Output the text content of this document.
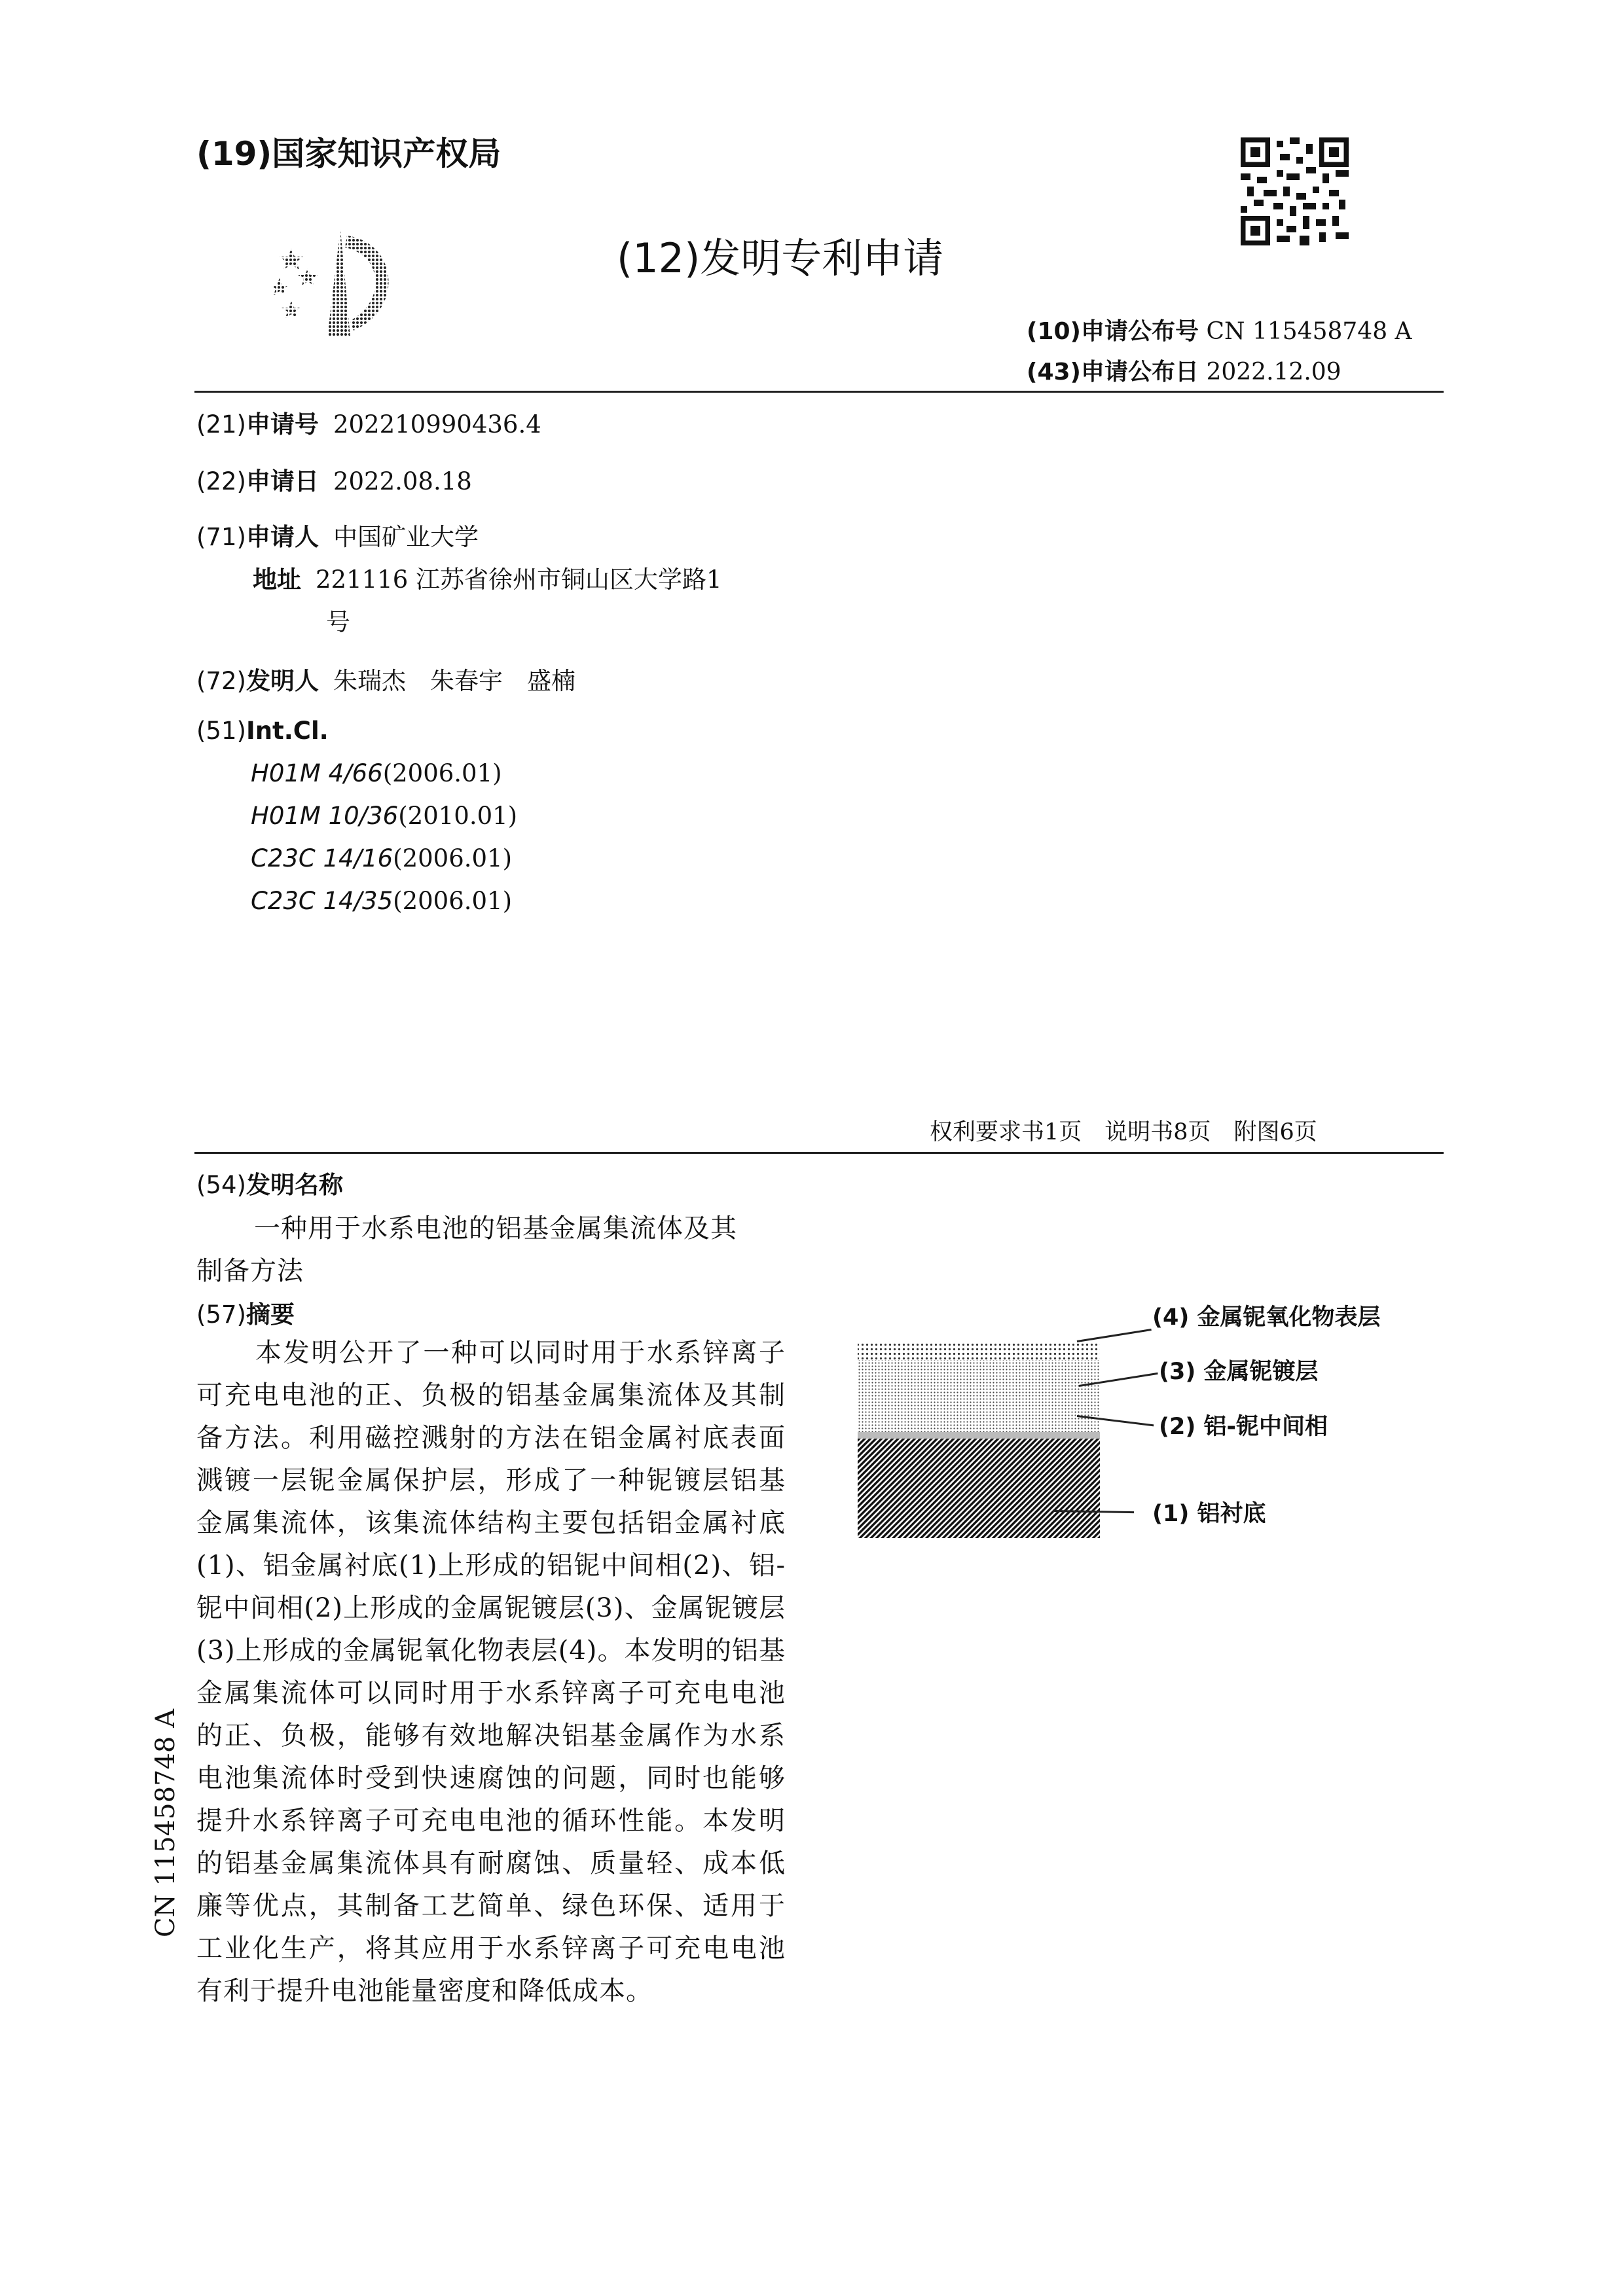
(19)国家知识产权局
(12)发明专利申请
(10)申请公布号 CN 115458748 A
(43)申请公布日 2022.12.09
(21)申请号 202210990436.4
(22)申请日 2022.08.18
(71)申请人 中国矿业大学
地址 221116 江苏省徐州市铜山区大学路1
号
(72)发明人 朱瑞杰　朱春宇　盛楠
(51)Int.Cl.
H01M 4/66(2006.01)
H01M 10/36(2010.01)
C23C 14/16(2006.01)
C23C 14/35(2006.01)
权利要求书1页　说明书8页　附图6页
(54)发明名称
一种用于水系电池的铝基金属集流体及其
制备方法
(57)摘要
本发明公开了一种可以同时用于水系锌离子可充电电池的正、负极的铝基金属集流体及其制备方法。利用磁控溅射的方法在铝金属衬底表面溅镀一层铌金属保护层，形成了一种铌镀层铝基金属集流体，该集流体结构主要包括铝金属衬底(1)、铝金属衬底(1)上形成的铝铌中间相(2)、铝-铌中间相(2)上形成的金属铌镀层(3)、金属铌镀层(3)上形成的金属铌氧化物表层(4)。本发明的铝基金属集流体可以同时用于水系锌离子可充电电池的正、负极，能够有效地解决铝基金属作为水系电池集流体时受到快速腐蚀的问题，同时也能够提升水系锌离子可充电电池的循环性能。本发明的铝基金属集流体具有耐腐蚀、质量轻、成本低廉等优点，其制备工艺简单、绿色环保、适用于工业化生产，将其应用于水系锌离子可充电电池有利于提升电池能量密度和降低成本。
(4) 金属铌氧化物表层
(3) 金属铌镀层
(2) 铝-铌中间相
(1) 铝衬底
CN 115458748 A
